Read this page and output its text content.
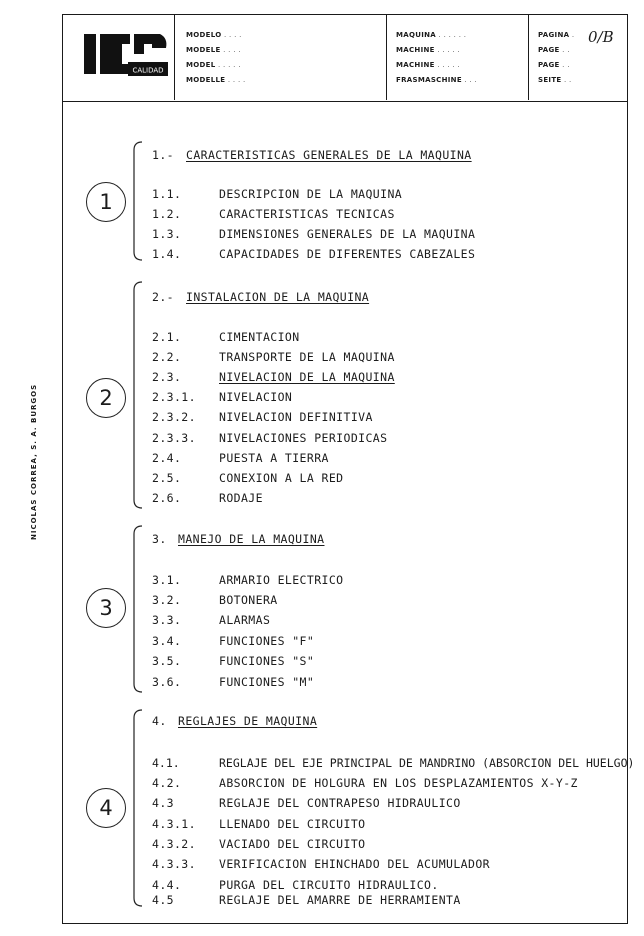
CALIDAD
MODELO . . . .
MODELE . . . .
MODEL . . . . .
MODELLE . . . .
MAQUINA . . . . . .
MACHINE . . . . .
MACHINE . . . . .
FRASMASCHINE . . .
PAGINA .
PAGE . .
PAGE . .
SEITE . .
0/B
NICOLAS CORREA, S. A. BURGOS
1
1.- CARACTERISTICAS GENERALES DE LA MAQUINA
1.1.	DESCRIPCION DE LA MAQUINA
1.2.	CARACTERISTICAS TECNICAS
1.3.	DIMENSIONES GENERALES DE LA MAQUINA
1.4.	CAPACIDADES DE DIFERENTES CABEZALES
2
2.- INSTALACION DE LA MAQUINA
2.1.	CIMENTACION
2.2.	TRANSPORTE DE LA MAQUINA
2.3.	NIVELACION DE LA MAQUINA
2.3.1. NIVELACION
2.3.2. NIVELACION DEFINITIVA
2.3.3. NIVELACIONES PERIODICAS
2.4.	PUESTA A TIERRA
2.5.	CONEXION A LA RED
2.6.	RODAJE
3
3. MANEJO DE LA MAQUINA
3.1.	ARMARIO ELECTRICO
3.2.	BOTONERA
3.3.	ALARMAS
3.4.	FUNCIONES "F"
3.5.	FUNCIONES "S"
3.6.	FUNCIONES "M"
4
4. REGLAJES DE MAQUINA
4.1.	REGLAJE DEL EJE PRINCIPAL DE MANDRINO (ABSORCION DEL HUELGO)
4.2.	ABSORCION DE HOLGURA EN LOS DESPLAZAMIENTOS X-Y-Z
4.3	REGLAJE DEL CONTRAPESO HIDRAULICO
4.3.1. LLENADO DEL CIRCUITO
4.3.2. VACIADO DEL CIRCUITO
4.3.3. VERIFICACION EHINCHADO DEL ACUMULADOR
4.4.	PURGA DEL CIRCUITO HIDRAULICO.
4.5	REGLAJE DEL AMARRE DE HERRAMIENTA
